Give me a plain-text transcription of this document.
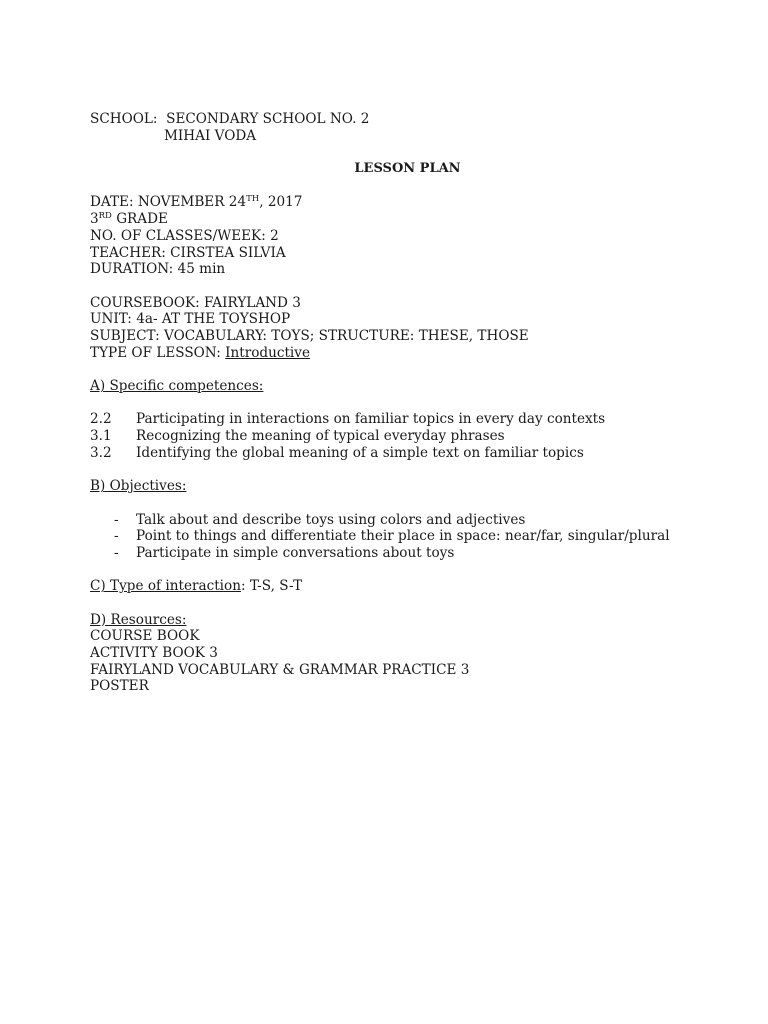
SCHOOL: SECONDARY SCHOOL NO. 2
MIHAI VODA
LESSON PLAN
DATE: NOVEMBER 24TH, 2017
3RD GRADE
NO. OF CLASSES/WEEK: 2
TEACHER: CIRSTEA SILVIA
DURATION: 45 min
COURSEBOOK: FAIRYLAND 3
UNIT: 4a- AT THE TOYSHOP
SUBJECT: VOCABULARY: TOYS; STRUCTURE: THESE, THOSE
TYPE OF LESSON: Introductive
A) Specific competences:
2.2 Participating in interactions on familiar topics in every day contexts
3.1 Recognizing the meaning of typical everyday phrases
3.2 Identifying the global meaning of a simple text on familiar topics
B) Objectives:
- Talk about and describe toys using colors and adjectives
- Point to things and differentiate their place in space: near/far, singular/plural
- Participate in simple conversations about toys
C) Type of interaction: T-S, S-T
D) Resources:
COURSE BOOK
ACTIVITY BOOK 3
FAIRYLAND VOCABULARY & GRAMMAR PRACTICE 3
POSTER
